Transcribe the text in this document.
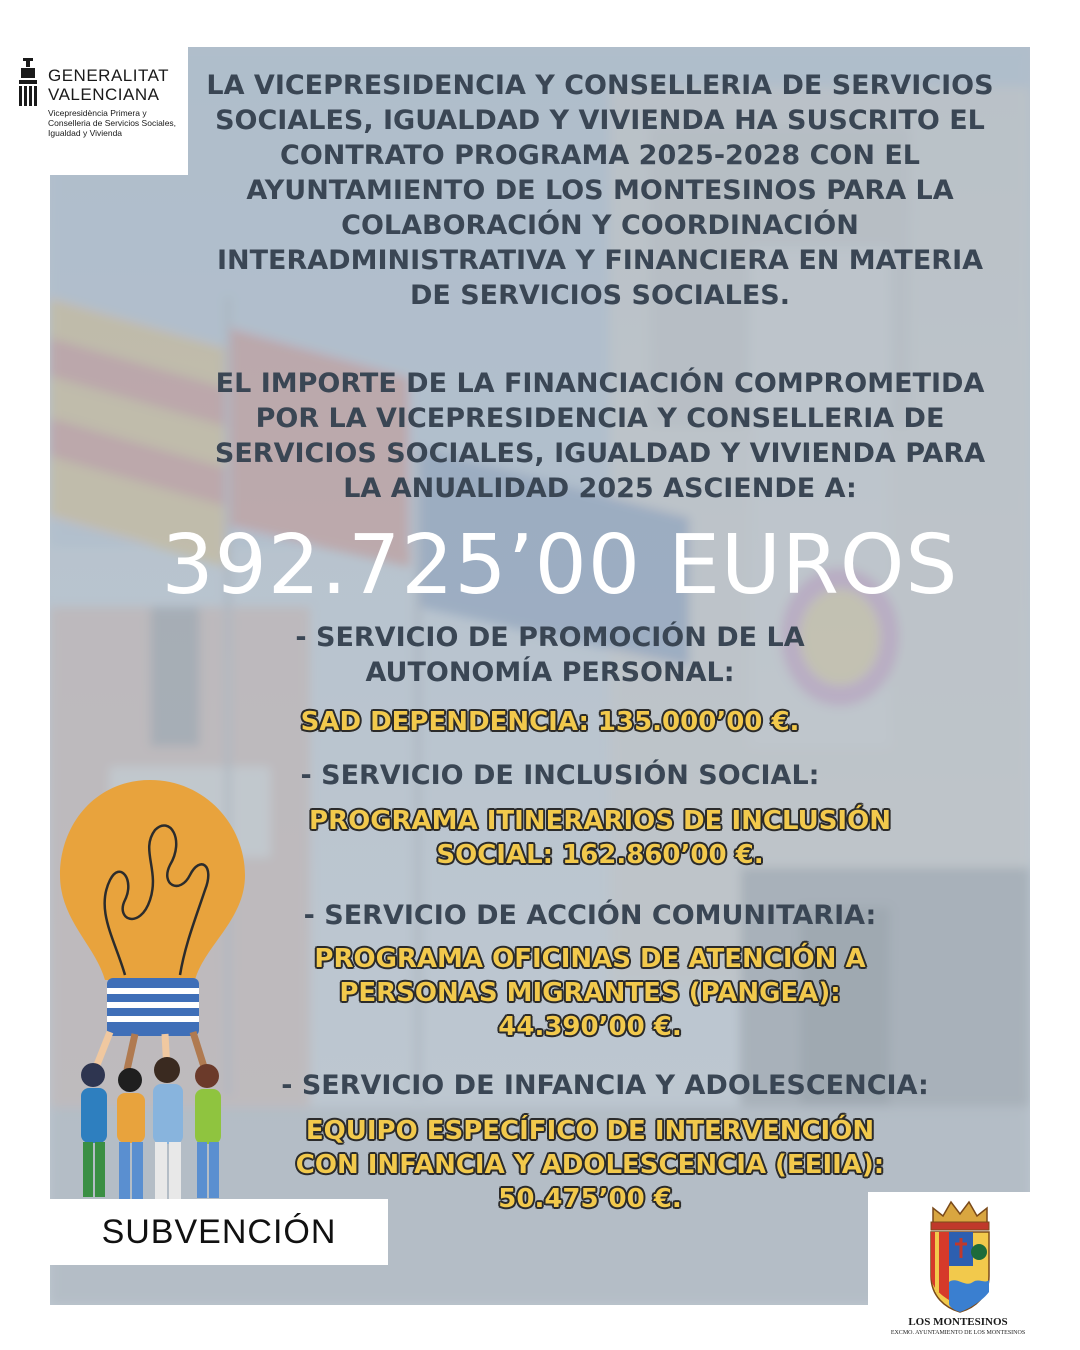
GENERALITAT
VALENCIANA
Vicepresidència Primera y Conselleria de Servicios Sociales, Igualdad y Vivienda
LA VICEPRESIDENCIA Y CONSELLERIA DE SERVICIOS SOCIALES, IGUALDAD Y VIVIENDA HA SUSCRITO EL CONTRATO PROGRAMA 2025-2028 CON EL AYUNTAMIENTO DE LOS MONTESINOS PARA LA COLABORACIÓN Y COORDINACIÓN INTERADMINISTRATIVA Y FINANCIERA EN MATERIA DE SERVICIOS SOCIALES.
EL IMPORTE DE LA FINANCIACIÓN COMPROMETIDA POR LA VICEPRESIDENCIA Y CONSELLERIA DE SERVICIOS SOCIALES, IGUALDAD Y VIVIENDA PARA LA ANUALIDAD 2025 ASCIENDE A:
392.725’00 EUROS
- SERVICIO DE PROMOCIÓN DE LA AUTONOMÍA PERSONAL:
SAD DEPENDENCIA: 135.000’00 €.
- SERVICIO DE INCLUSIÓN SOCIAL:
PROGRAMA ITINERARIOS DE INCLUSIÓN SOCIAL: 162.860’00 €.
- SERVICIO DE ACCIÓN COMUNITARIA:
PROGRAMA OFICINAS DE ATENCIÓN A PERSONAS MIGRANTES (PANGEA): 44.390’00 €.
- SERVICIO DE INFANCIA Y ADOLESCENCIA:
EQUIPO ESPECÍFICO DE INTERVENCIÓN CON INFANCIA Y ADOLESCENCIA (EEIIA): 50.475’00 €.
SUBVENCIÓN
LOS MONTESINOS
EXCMO. AYUNTAMIENTO DE LOS MONTESINOS
